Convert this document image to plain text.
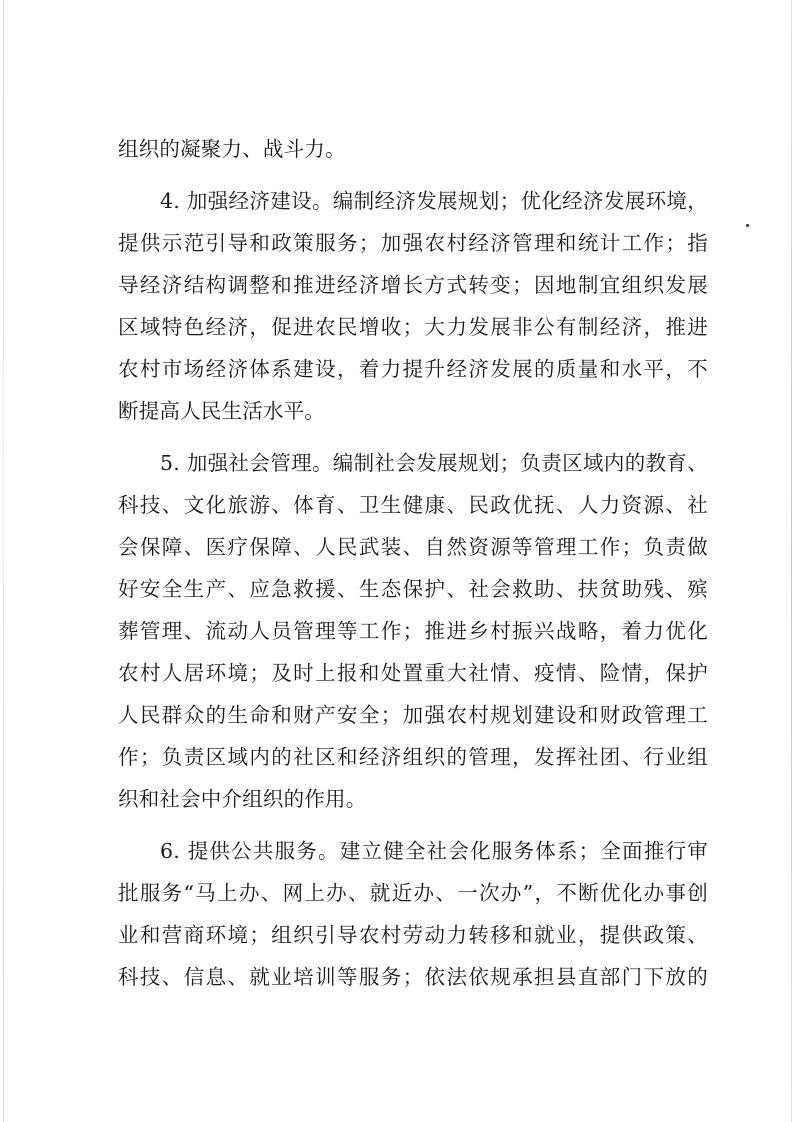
组织的凝聚力、战斗力。
4. 加强经济建设。编制经济发展规划；优化经济发展环境，
提供示范引导和政策服务；加强农村经济管理和统计工作；指
导经济结构调整和推进经济增长方式转变；因地制宜组织发展
区域特色经济，促进农民增收；大力发展非公有制经济，推进
农村市场经济体系建设，着力提升经济发展的质量和水平，不
断提高人民生活水平。
5. 加强社会管理。编制社会发展规划；负责区域内的教育、
科技、文化旅游、体育、卫生健康、民政优抚、人力资源、社
会保障、医疗保障、人民武装、自然资源等管理工作；负责做
好安全生产、应急救援、生态保护、社会救助、扶贫助残、殡
葬管理、流动人员管理等工作；推进乡村振兴战略，着力优化
农村人居环境；及时上报和处置重大社情、疫情、险情，保护
人民群众的生命和财产安全；加强农村规划建设和财政管理工
作；负责区域内的社区和经济组织的管理，发挥社团、行业组
织和社会中介组织的作用。
6. 提供公共服务。建立健全社会化服务体系；全面推行审
批服务“马上办、网上办、就近办、一次办”，不断优化办事创
业和营商环境；组织引导农村劳动力转移和就业，提供政策、
科技、信息、就业培训等服务；依法依规承担县直部门下放的
